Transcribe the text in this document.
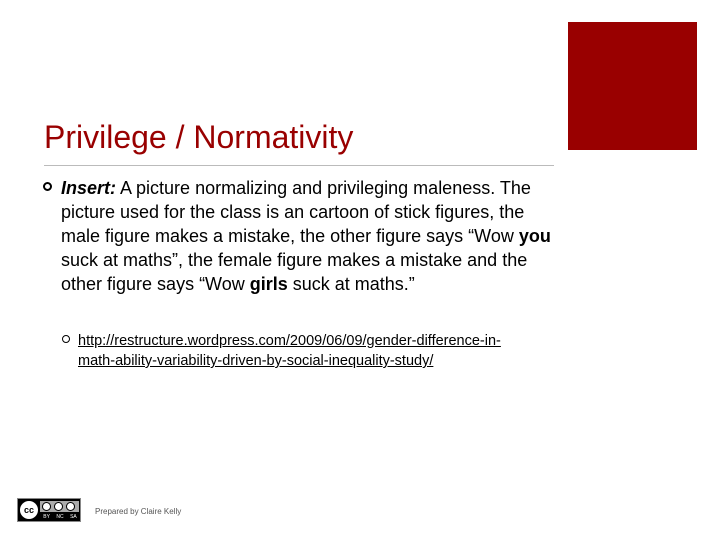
Privilege / Normativity
Insert: A picture normalizing and privileging maleness. The picture used for the class is an cartoon of stick figures, the male figure makes a mistake, the other figure says “Wow you suck at maths”, the female figure makes a mistake and the other figure says “Wow girls suck at maths.”
http://restructure.wordpress.com/2009/06/09/gender-difference-in-math-ability-variability-driven-by-social-inequality-study/
cc
BY NC SA

Prepared by Claire Kelly
